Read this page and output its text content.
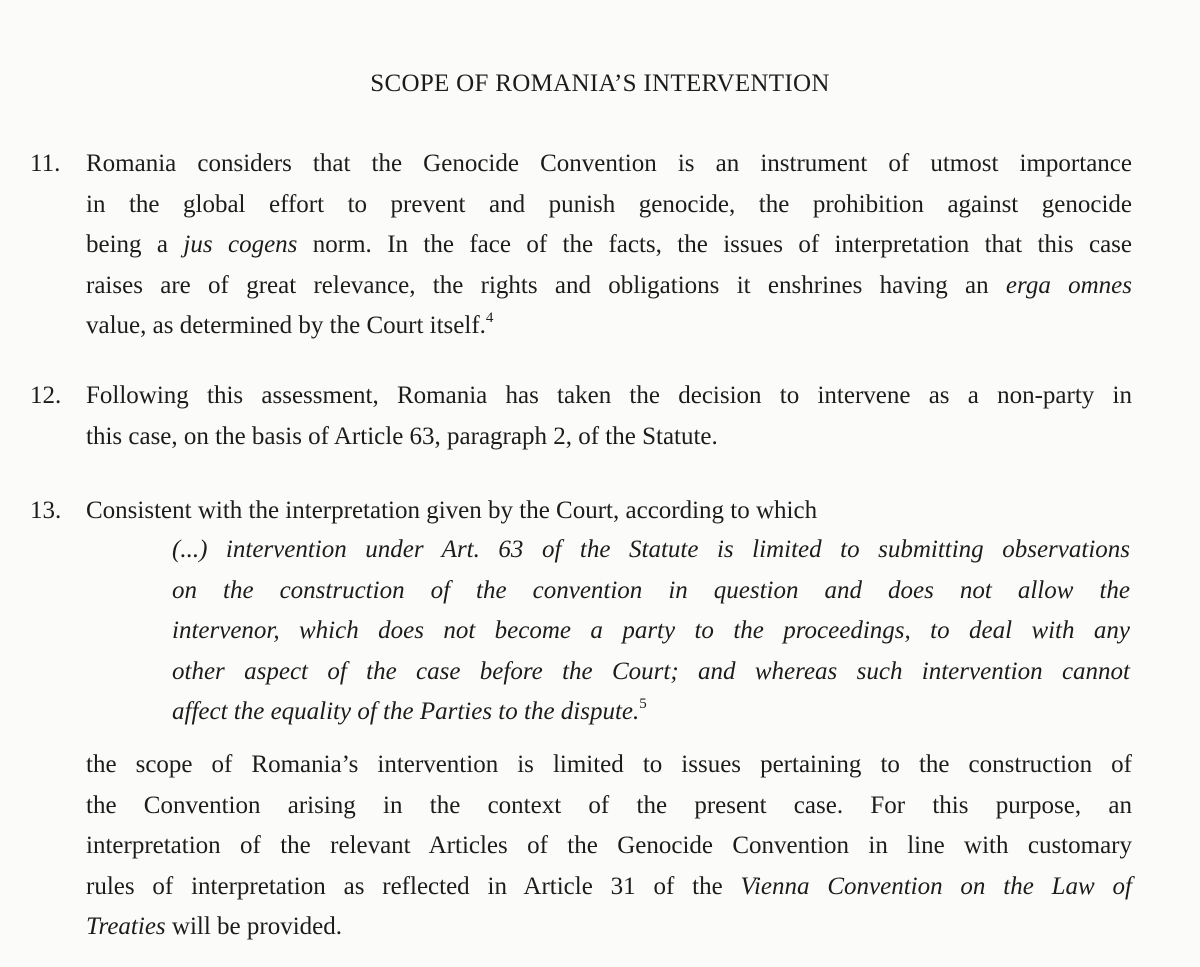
SCOPE OF ROMANIA’S INTERVENTION
11.	Romania considers that the Genocide Convention is an instrument of utmost importance
in the global effort to prevent and punish genocide, the prohibition against genocide
being a jus cogens norm. In the face of the facts, the issues of interpretation that this case
raises are of great relevance, the rights and obligations it enshrines having an erga omnes
value, as determined by the Court itself.$^4$
12. Following this assessment, Romania has taken the decision to intervene as a non-party in
this case, on the basis of Article 63, paragraph 2, of the Statute.
13. Consistent with the interpretation given by the Court, according to which
(...) intervention under Art. 63 of the Statute is limited to submitting observations
on the construction of the convention in question and does not allow the
intervenor, which does not become a party to the proceedings, to deal with any
other aspect of the case before the Court; and whereas such intervention cannot
affect the equality of the Parties to the dispute.$^5$
the scope of Romania’s intervention is limited to issues pertaining to the construction of
the Convention arising in the context of the present case. For this purpose, an
interpretation of the relevant Articles of the Genocide Convention in line with customary
rules of interpretation as reflected in Article 31 of the Vienna Convention on the Law of
Treaties will be provided.
